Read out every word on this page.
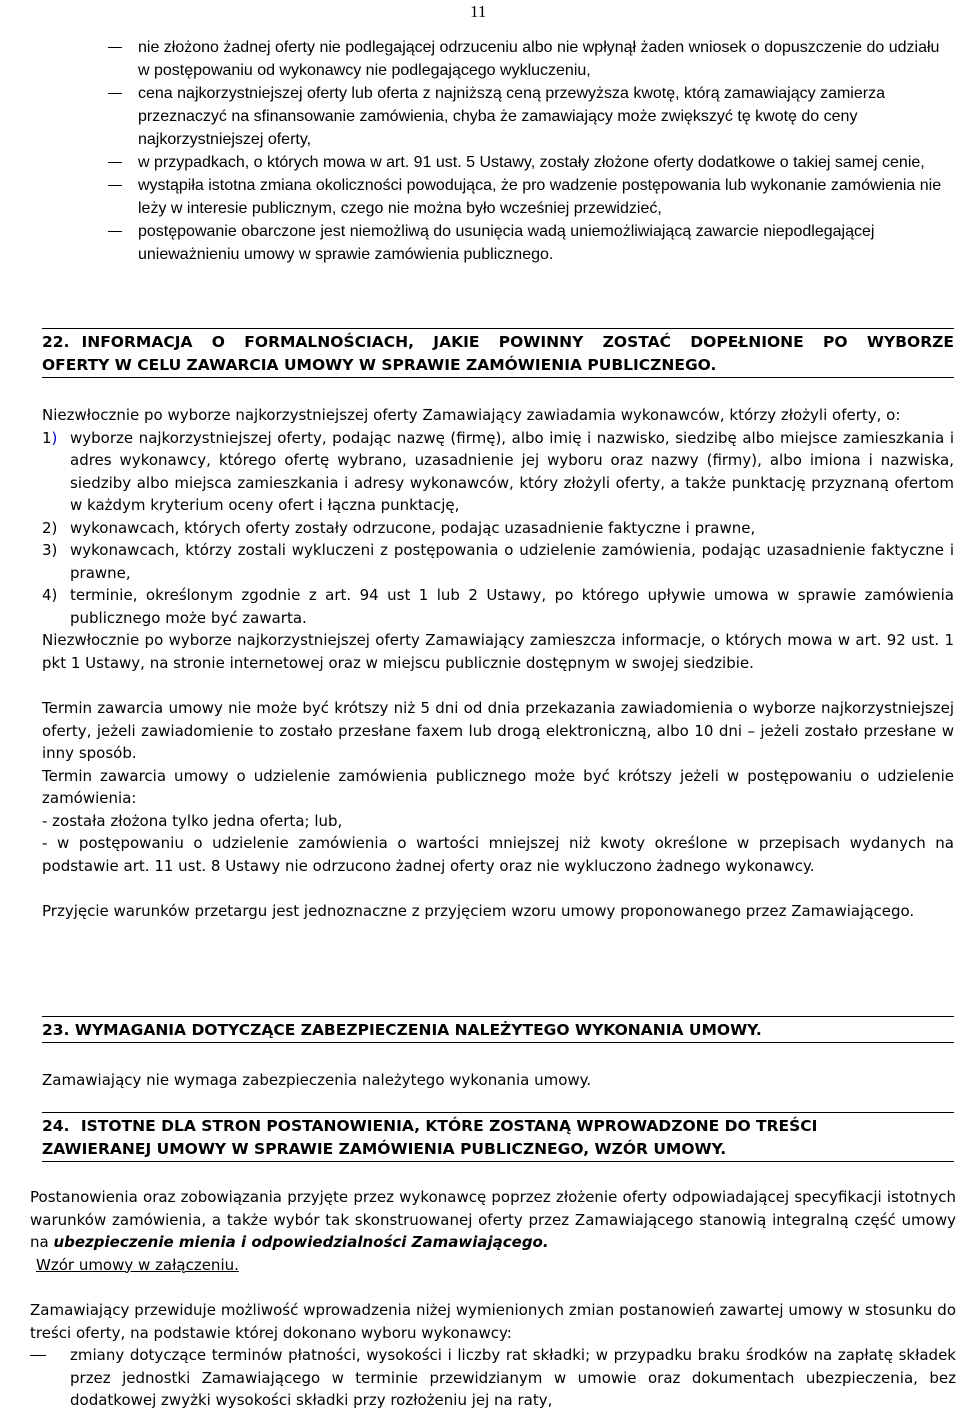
11
nie złożono żadnej oferty nie podlegającej odrzuceniu albo nie wpłynął żaden wniosek o dopuszczenie do udziału w postępowaniu od wykonawcy nie podlegającego wykluczeniu,
cena najkorzystniejszej oferty lub oferta z najniższą ceną przewyższa kwotę, którą zamawiający zamierza przeznaczyć na sfinansowanie zamówienia, chyba że zamawiający może zwiększyć tę kwotę do ceny najkorzystniejszej oferty,
w przypadkach, o których mowa w art. 91 ust. 5 Ustawy, zostały złożone oferty dodatkowe o takiej samej cenie,
wystąpiła istotna zmiana okoliczności powodująca, że pro wadzenie postępowania lub wykonanie zamówienia nie leży w interesie publicznym, czego nie można było wcześniej przewidzieć,
postępowanie obarczone jest niemożliwą do usunięcia wadą uniemożliwiającą zawarcie niepodlegającej unieważnieniu umowy w sprawie zamówienia publicznego.
22. INFORMACJA O FORMALNOŚCIACH, JAKIE POWINNY ZOSTAĆ DOPEŁNIONE PO WYBORZE
OFERTY W CELU ZAWARCIA UMOWY W SPRAWIE ZAMÓWIENIA PUBLICZNEGO.

Niezwłocznie po wyborze najkorzystniejszej oferty Zamawiający zawiadamia wykonawców, którzy złożyli oferty, o:

1) wyborze najkorzystniejszej oferty, podając nazwę (firmę), albo imię i nazwisko, siedzibę albo miejsce zamieszkania i adres wykonawcy, którego ofertę wybrano, uzasadnienie jej wyboru oraz nazwy (firmy), albo imiona i nazwiska, siedziby albo miejsca zamieszkania i adresy wykonawców, który złożyli oferty, a także punktację przyznaną ofertom w każdym kryterium oceny ofert i łączna punktację,
2) wykonawcach, których oferty zostały odrzucone, podając uzasadnienie faktyczne i prawne,
3) wykonawcach, którzy zostali wykluczeni z postępowania o udzielenie zamówienia, podając uzasadnienie faktyczne i prawne,
4) terminie, określonym zgodnie z art. 94 ust 1 lub 2 Ustawy, po którego upływie umowa w sprawie zamówienia publicznego może być zawarta.

Niezwłocznie po wyborze najkorzystniejszej oferty Zamawiający zamieszcza informacje, o których mowa w art. 92 ust. 1 pkt 1 Ustawy, na stronie internetowej oraz w miejscu publicznie dostępnym w swojej siedzibie.

Termin zawarcia umowy nie może być krótszy niż 5 dni od dnia przekazania zawiadomienia o wyborze najkorzystniejszej oferty, jeżeli zawiadomienie to zostało przesłane faxem lub drogą elektroniczną, albo 10 dni – jeżeli zostało przesłane w inny sposób.

Termin zawarcia umowy o udzielenie zamówienia publicznego może być krótszy jeżeli w postępowaniu o udzielenie zamówienia:

- została złożona tylko jedna oferta; lub,

- w postępowaniu o udzielenie zamówienia o wartości mniejszej niż kwoty określone w przepisach wydanych na podstawie art. 11 ust. 8 Ustawy nie odrzucono żadnej oferty oraz nie wykluczono żadnego wykonawcy.

Przyjęcie warunków przetargu jest jednoznaczne z przyjęciem wzoru umowy proponowanego przez Zamawiającego.

23. WYMAGANIA DOTYCZĄCE ZABEZPIECZENIA NALEŻYTEGO WYKONANIA UMOWY.
Zamawiający nie wymaga zabezpieczenia należytego wykonania umowy.
24. ISTOTNE DLA STRON POSTANOWIENIA, KTÓRE ZOSTANĄ WPROWADZONE DO TREŚCI
ZAWIERANEJ UMOWY W SPRAWIE ZAMÓWIENIA PUBLICZNEGO, WZÓR UMOWY.

Postanowienia oraz zobowiązania przyjęte przez wykonawcę poprzez złożenie oferty odpowiadającej specyfikacji istotnych warunków zamówienia, a także wybór tak skonstruowanej oferty przez Zamawiającego stanowią integralną część umowy na ubezpieczenie mienia i odpowiedzialności Zamawiającego.

Wzór umowy w załączeniu.

Zamawiający przewiduje możliwość wprowadzenia niżej wymienionych zmian postanowień zawartej umowy w stosunku do treści oferty, na podstawie której dokonano wyboru wykonawcy:

zmiany dotyczące terminów płatności, wysokości i liczby rat składki; w przypadku braku środków na zapłatę składek przez jednostki Zamawiającego w terminie przewidzianym w umowie oraz dokumentach ubezpieczenia, bez dodatkowej zwyżki wysokości składki przy rozłożeniu jej na raty,
